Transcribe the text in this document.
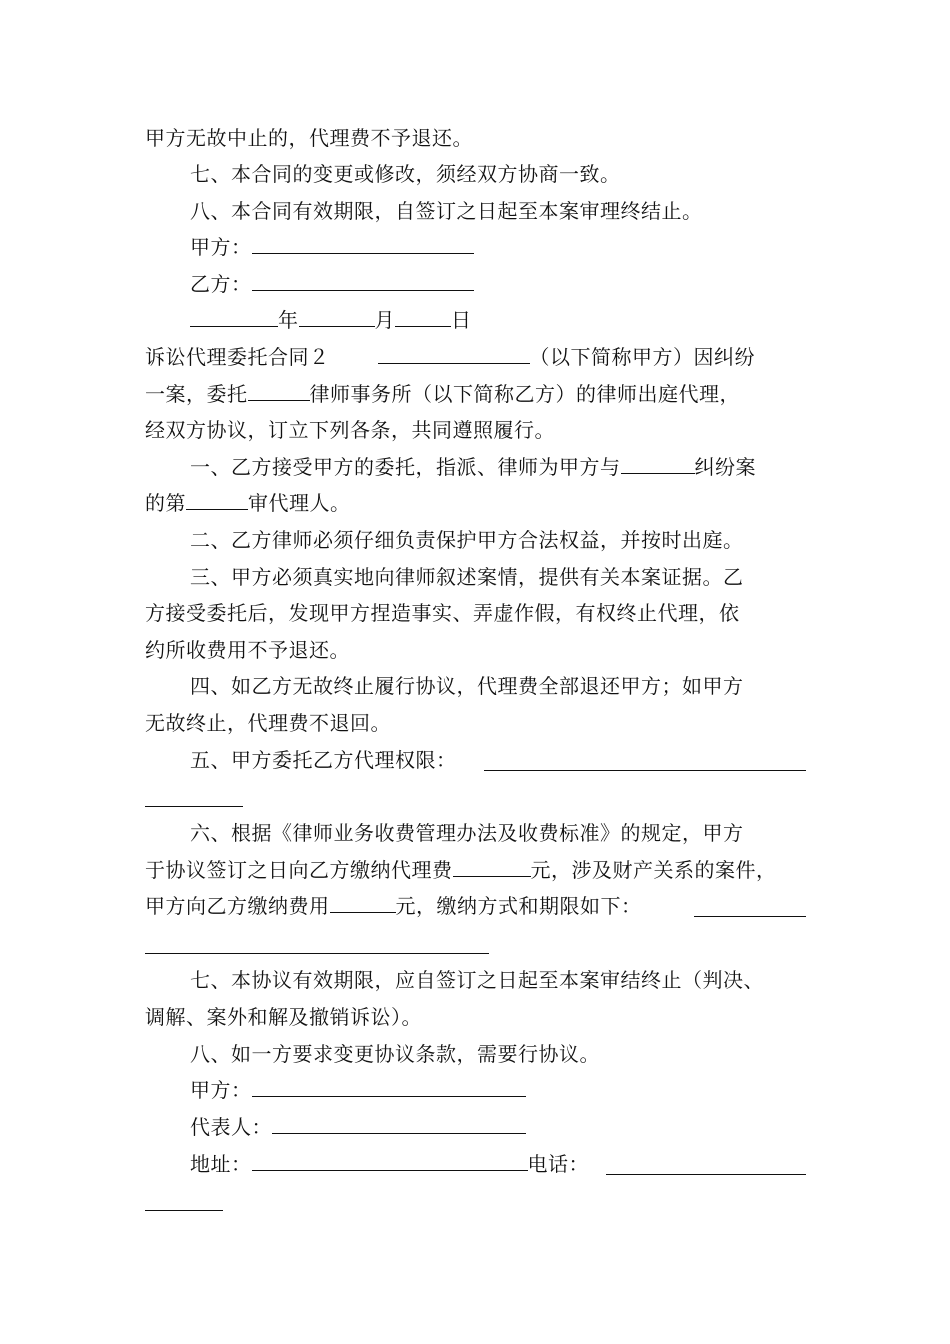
甲方无故中止的，代理费不予退还。
七、本合同的变更或修改，须经双方协商一致。
八、本合同有效期限，自签订之日起至本案审理终结止。
甲方：
乙方：
年	月	日
诉讼代理委托合同２	（以下简称甲方）因纠纷
一案，委托	律师事务所（以下简称乙方）的律师出庭代理，
经双方协议，订立下列各条，共同遵照履行。
一、乙方接受甲方的委托，指派、律师为甲方与	纠纷案
的第	审代理人。
二、乙方律师必须仔细负责保护甲方合法权益，并按时出庭。
三、甲方必须真实地向律师叙述案情，提供有关本案证据。乙
方接受委托后，发现甲方捏造事实、弄虚作假，有权终止代理，依
约所收费用不予退还。
四、如乙方无故终止履行协议，代理费全部退还甲方；如甲方
无故终止，代理费不退回。
五、甲方委托乙方代理权限：
六、根据《律师业务收费管理办法及收费标准》的规定，甲方
于协议签订之日向乙方缴纳代理费	元，涉及财产关系的案件，
甲方向乙方缴纳费用	元，缴纳方式和期限如下：
七、本协议有效期限，应自签订之日起至本案审结终止（判决、
调解、案外和解及撤销诉讼）。
八、如一方要求变更协议条款，需要行协议。
甲方：
代表人：
地址：	电话：
